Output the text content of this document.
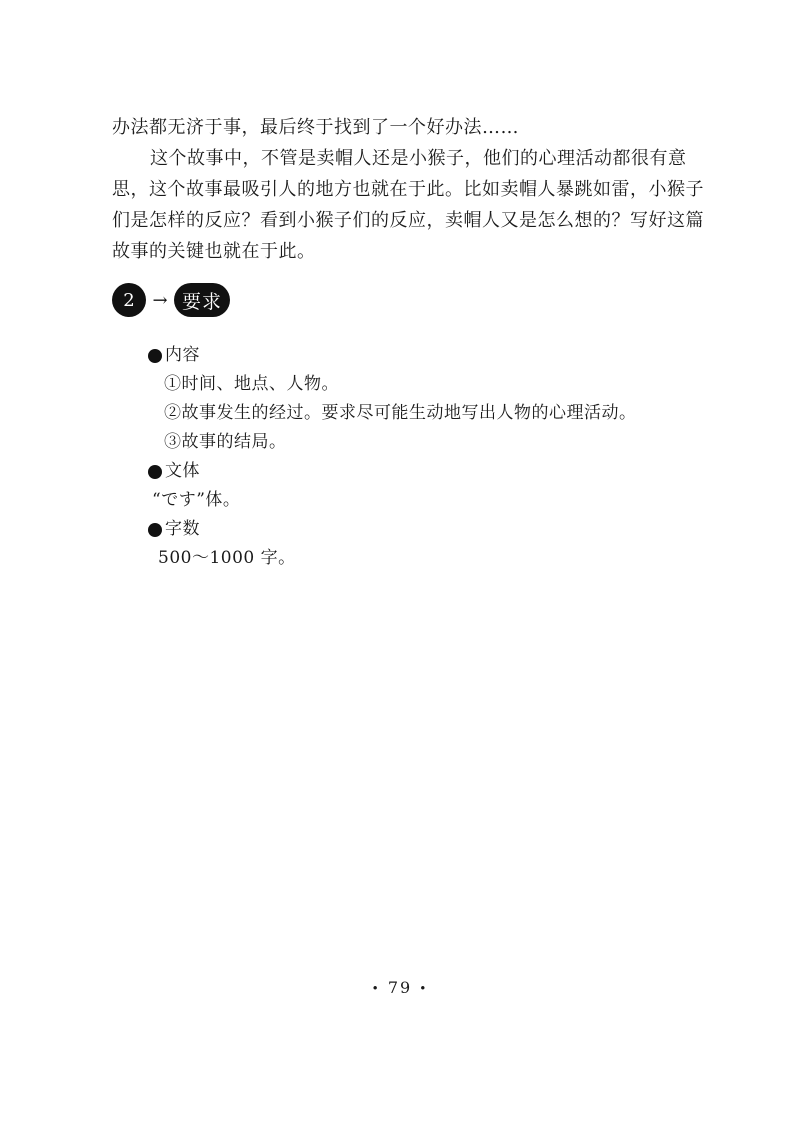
办法都无济于事，最后终于找到了一个好办法……

这个故事中，不管是卖帽人还是小猴子，他们的心理活动都很有意思，这个故事最吸引人的地方也就在于此。比如卖帽人暴跳如雷，小猴子们是怎样的反应？看到小猴子们的反应，卖帽人又是怎么想的？写好这篇故事的关键也就在于此。

2 → 要求
内容
①时间、地点、人物。
②故事发生的经过。要求尽可能生动地写出人物的心理活动。
③故事的结局。
文体
“です”体。
字数
500～1000 字。
• 79 •
